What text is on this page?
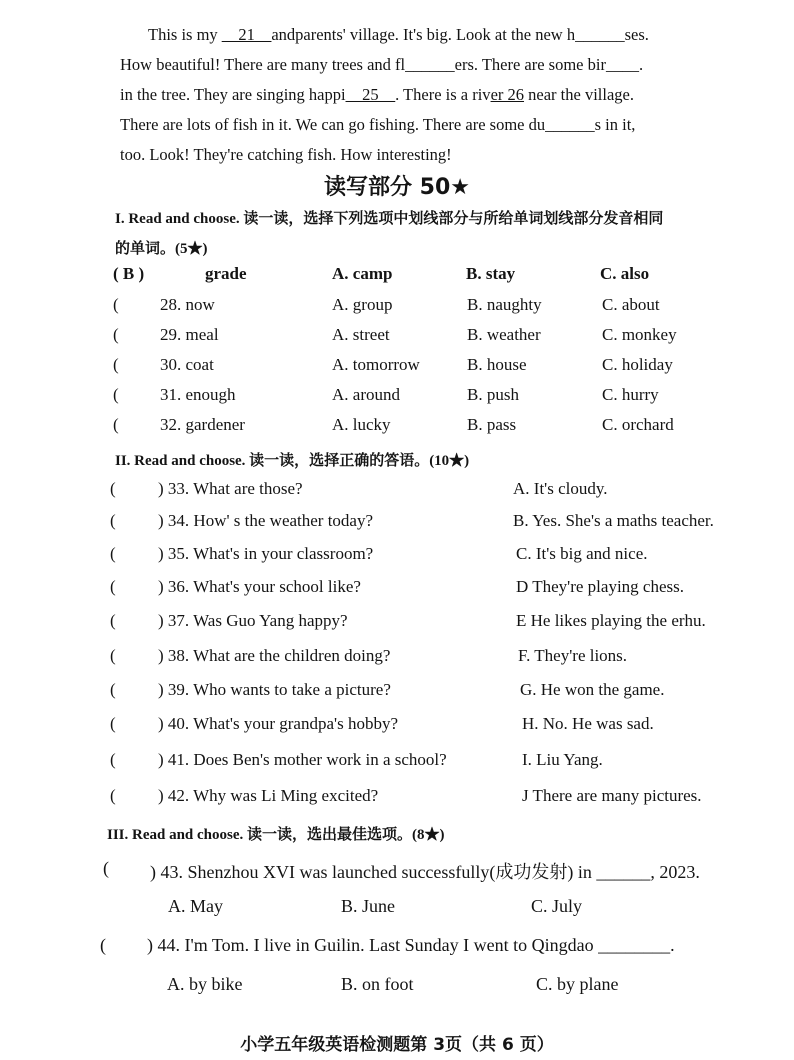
This is my __21__andparents' village. It's big. Look at the new h______ses.
How beautiful! There are many trees and fl______ers. There are some bir____.
in the tree. They are singing happi__25__. There is a river 26 near the village.
There are lots of fish in it. We can go fishing. There are some du______s in it,
too. Look! They're catching fish. How interesting!
读写部分 50★
I. Read and choose. 读一读，选择下列选项中划线部分与所给单词划线部分发音相同
的单词。(5★)
( B )	grade	A. camp	B. stay	C. also
( 28. now	A. group	B. naughty	C. about
( 29. meal	A. street	B. weather	C. monkey
( 30. coat	A. tomorrow	B. house	C. holiday
( 31. enough	A. around	B. push	C. hurry
( 32. gardener	A. lucky	B. pass	C. orchard
II. Read and choose. 读一读，选择正确的答语。(10★)
( ) 33. What are those?	A. It's cloudy.
( ) 34. How' s the weather today?	B. Yes. She's a maths teacher.
( ) 35. What's in your classroom?	C. It's big and nice.
( ) 36. What's your school like?	D They're playing chess.
( ) 37. Was Guo Yang happy?	E He likes playing the erhu.
( ) 38. What are the children doing?	F. They're lions.
( ) 39. Who wants to take a picture?	G. He won the game.
( ) 40. What's your grandpa's hobby?	H. No. He was sad.
( ) 41. Does Ben's mother work in a school?	I. Liu Yang.
( ) 42. Why was Li Ming excited?	J There are many pictures.
III. Read and choose. 读一读，选出最佳选项。(8★)
( ) 43. Shenzhou XVI was launched successfully(成功发射) in ______, 2023.
A. May	B. June	C. July
( ) 44. I'm Tom. I live in Guilin. Last Sunday I went to Qingdao ________.
A. by bike	B. on foot	C. by plane
小学五年级英语检测题第 3页（共 6 页）
